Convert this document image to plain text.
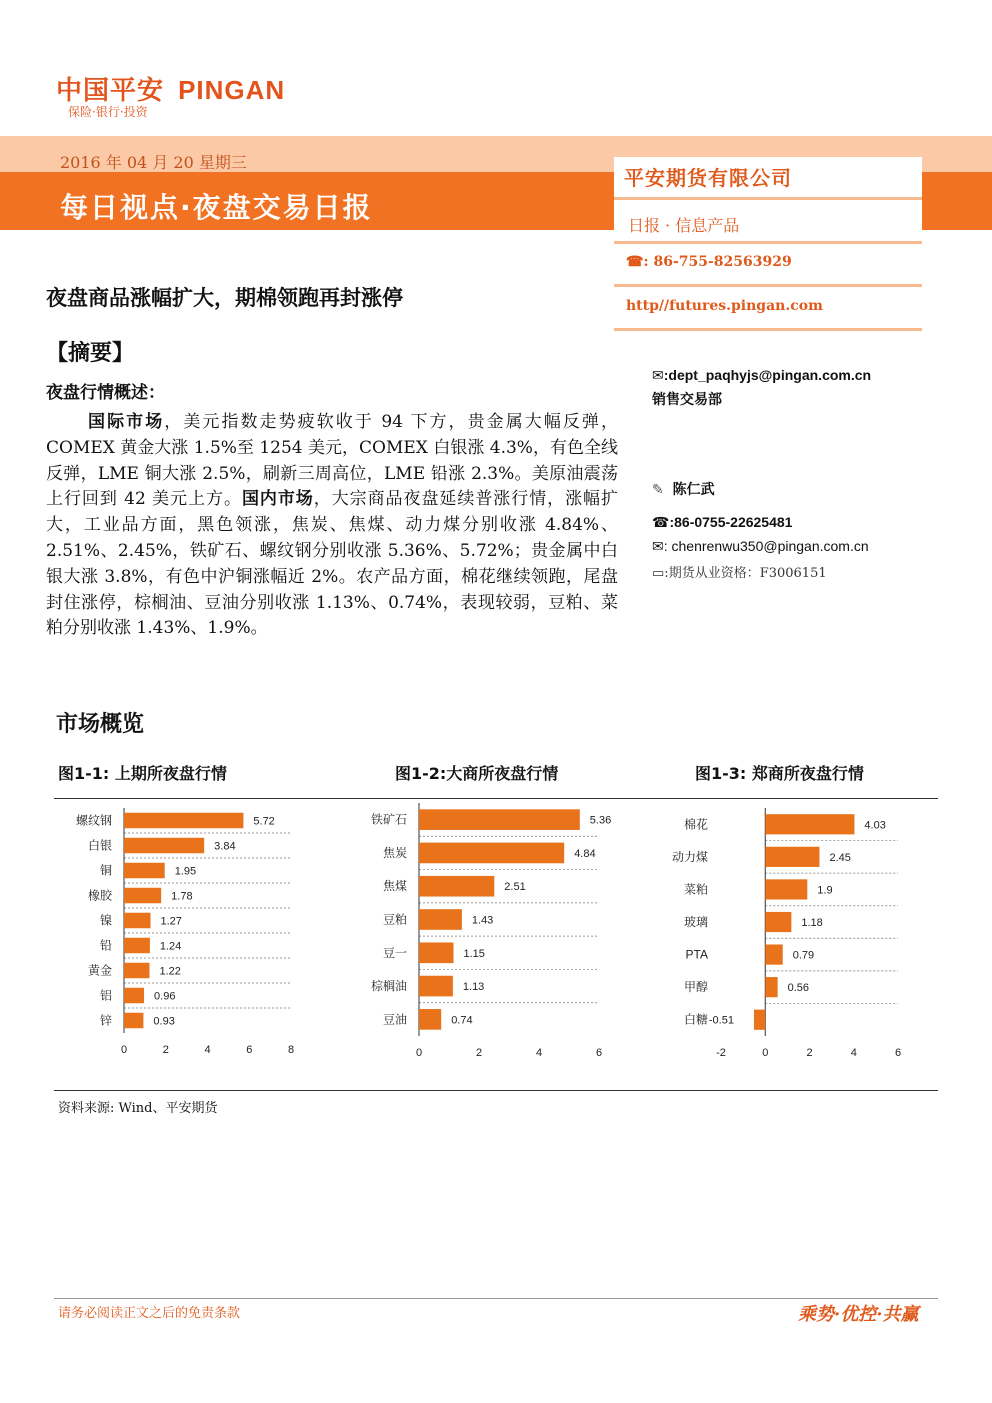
中国平安 PINGAN
保险·银行·投资
2016 年 04 月 20 星期三
每日视点·夜盘交易日报
平安期货有限公司
日报 · 信息产品
☎: 86-755-82563929
http//futures.pingan.com
✉:dept_paqhyjs@pingan.com.cn
销售交易部
✎ 陈仁武
☎:86-0755-22625481
✉: chenrenwu350@pingan.com.cn
▭:期货从业资格：F3006151
夜盘商品涨幅扩大，期棉领跑再封涨停
【摘要】
夜盘行情概述：
国际市场，美元指数走势疲软收于 94 下方，贵金属大幅反弹，COMEX 黄金大涨 1.5%至 1254 美元，COMEX 白银涨 4.3%，有色全线反弹，LME 铜大涨 2.5%，刷新三周高位，LME 铅涨 2.3%。美原油震荡上行回到 42 美元上方。国内市场，大宗商品夜盘延续普涨行情，涨幅扩大，工业品方面，黑色领涨，焦炭、焦煤、动力煤分别收涨 4.84%、2.51%、2.45%，铁矿石、螺纹钢分别收涨 5.36%、5.72%；贵金属中白银大涨 3.8%，有色中沪铜涨幅近 2%。农产品方面，棉花继续领跑，尾盘封住涨停，棕榈油、豆油分别收涨 1.13%、0.74%，表现较弱，豆粕、菜粕分别收涨 1.43%、1.9%。
市场概览
图1-1: 上期所夜盘行情	图1-2:大商所夜盘行情	图1-3: 郑商所夜盘行情
螺纹钢	5.72
白银	3.84
铜	1.95
橡胶	1.78
镍	1.27
铅	1.24
黄金	1.22
铝	0.96
锌	0.93
0	2	4	6	8
铁矿石	5.36
焦炭	4.84
焦煤	2.51
豆粕	1.43
豆一	1.15
棕榈油	1.13
豆油	0.74
0	2	4	6
棉花	4.03
动力煤	2.45
菜粕	1.9
玻璃	1.18
PTA	0.79
甲醇	0.56
白糖 -0.51
-2	0	2	4	6
资料来源: Wind、平安期货
请务必阅读正文之后的免责条款	乘势·优控·共赢
